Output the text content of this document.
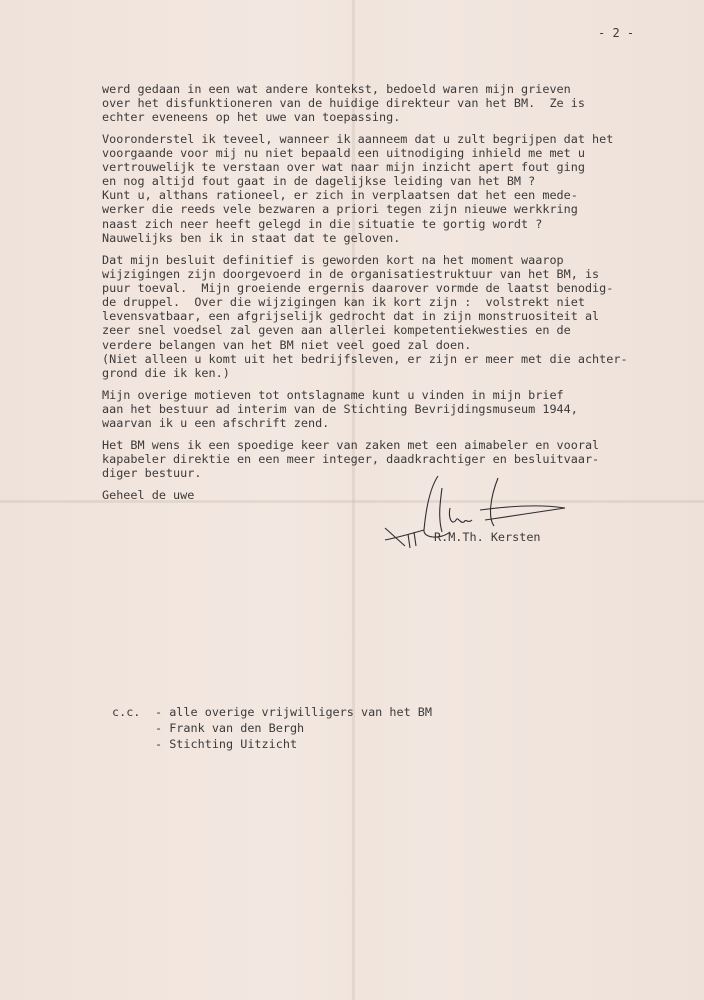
- 2 -
werd gedaan in een wat andere kontekst, bedoeld waren mijn grieven
over het disfunktioneren van de huidige direkteur van het BM.  Ze is
echter eveneens op het uwe van toepassing.
Vooronderstel ik teveel, wanneer ik aanneem dat u zult begrijpen dat het
voorgaande voor mij nu niet bepaald een uitnodiging inhield me met u
vertrouwelijk te verstaan over wat naar mijn inzicht apert fout ging
en nog altijd fout gaat in de dagelijkse leiding van het BM ?
Kunt u, althans rationeel, er zich in verplaatsen dat het een mede-
werker die reeds vele bezwaren a priori tegen zijn nieuwe werkkring
naast zich neer heeft gelegd in die situatie te gortig wordt ?
Nauwelijks ben ik in staat dat te geloven.
Dat mijn besluit definitief is geworden kort na het moment waarop
wijzigingen zijn doorgevoerd in de organisatiestruktuur van het BM, is
puur toeval.  Mijn groeiende ergernis daarover vormde de laatst benodig-
de druppel.  Over die wijzigingen kan ik kort zijn :  volstrekt niet
levensvatbaar, een afgrijselijk gedrocht dat in zijn monstruositeit al
zeer snel voedsel zal geven aan allerlei kompetentiekwesties en de
verdere belangen van het BM niet veel goed zal doen.
(Niet alleen u komt uit het bedrijfsleven, er zijn er meer met die achter-
grond die ik ken.)
Mijn overige motieven tot ontslagname kunt u vinden in mijn brief
aan het bestuur ad interim van de Stichting Bevrijdingsmuseum 1944,
waarvan ik u een afschrift zend.
Het BM wens ik een spoedige keer van zaken met een aimabeler en vooral
kapabeler direktie en een meer integer, daadkrachtiger en besluitvaar-
diger bestuur.
Geheel de uwe
R.M.Th. Kersten
c.c. - alle overige vrijwilligers van het BM
- Frank van den Bergh
- Stichting Uitzicht
